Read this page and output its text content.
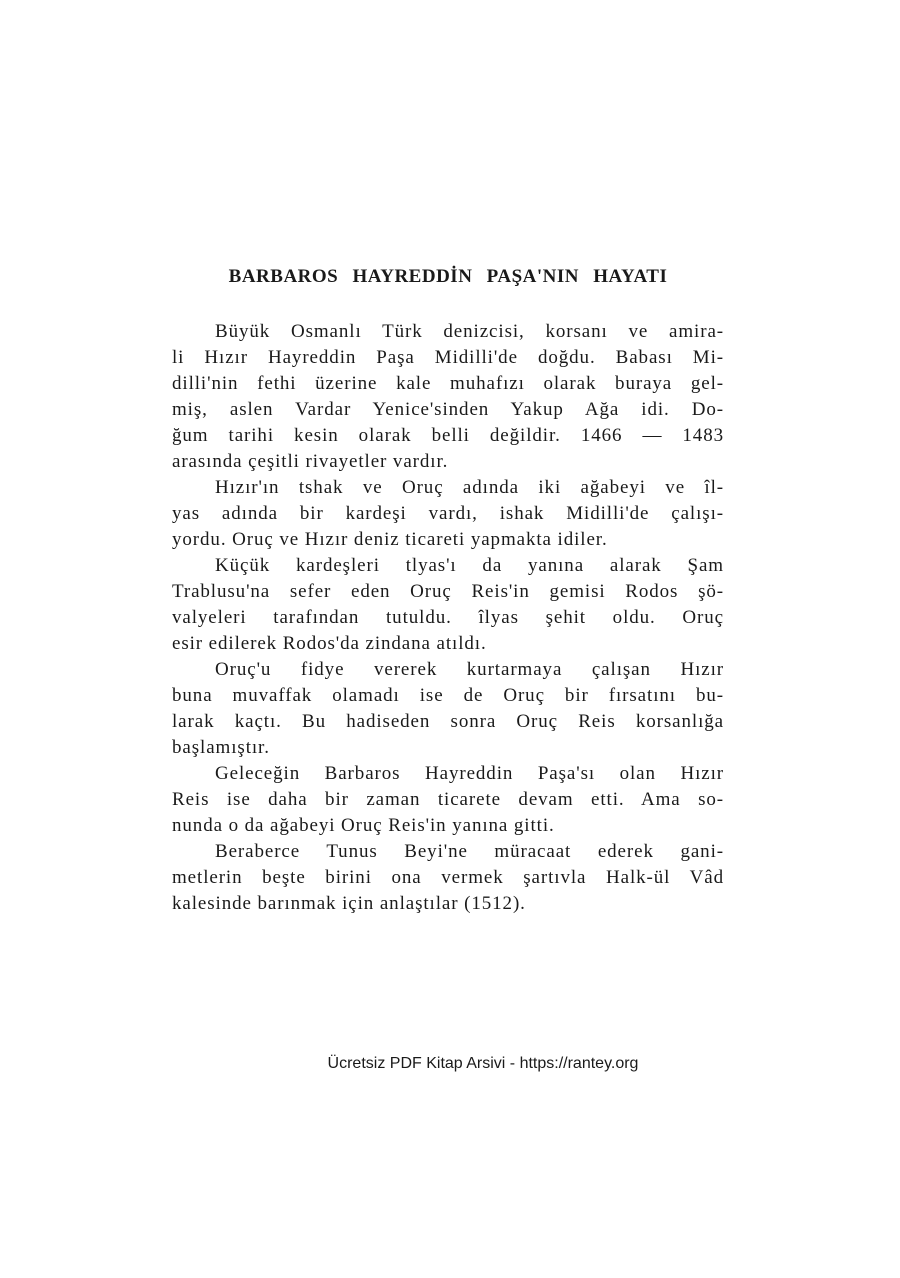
BARBAROS HAYREDDİN PAŞA'NIN HAYATI

Büyük Osmanlı Türk denizcisi, korsanı ve amira-
li Hızır Hayreddin Paşa Midilli'de doğdu. Babası Mi-
dilli'nin fethi üzerine kale muhafızı olarak buraya gel-
miş, aslen Vardar Yenice'sinden Yakup Ağa idi. Do-
ğum tarihi kesin olarak belli değildir. 1466 — 1483
arasında çeşitli rivayetler vardır.

Hızır'ın tshak ve Oruç adında iki ağabeyi ve îl-
yas adında bir kardeşi vardı, ishak Midilli'de çalışı-
yordu. Oruç ve Hızır deniz ticareti yapmakta idiler.

Küçük kardeşleri tlyas'ı da yanına alarak Şam
Trablusu'na sefer eden Oruç Reis'in gemisi Rodos şö-
valyeleri tarafından tutuldu. îlyas şehit oldu. Oruç
esir edilerek Rodos'da zindana atıldı.

Oruç'u fidye vererek kurtarmaya çalışan Hızır
buna muvaffak olamadı ise de Oruç bir fırsatını bu-
larak kaçtı. Bu hadiseden sonra Oruç Reis korsanlığa
başlamıştır.

Geleceğin Barbaros Hayreddin Paşa'sı olan Hızır
Reis ise daha bir zaman ticarete devam etti. Ama so-
nunda o da ağabeyi Oruç Reis'in yanına gitti.

Beraberce Tunus Beyi'ne müracaat ederek gani-
metlerin beşte birini ona vermek şartıvla Halk-ül Vâd
kalesinde barınmak için anlaştılar (1512).

Ücretsiz PDF Kitap Arsivi - https://rantey.org
